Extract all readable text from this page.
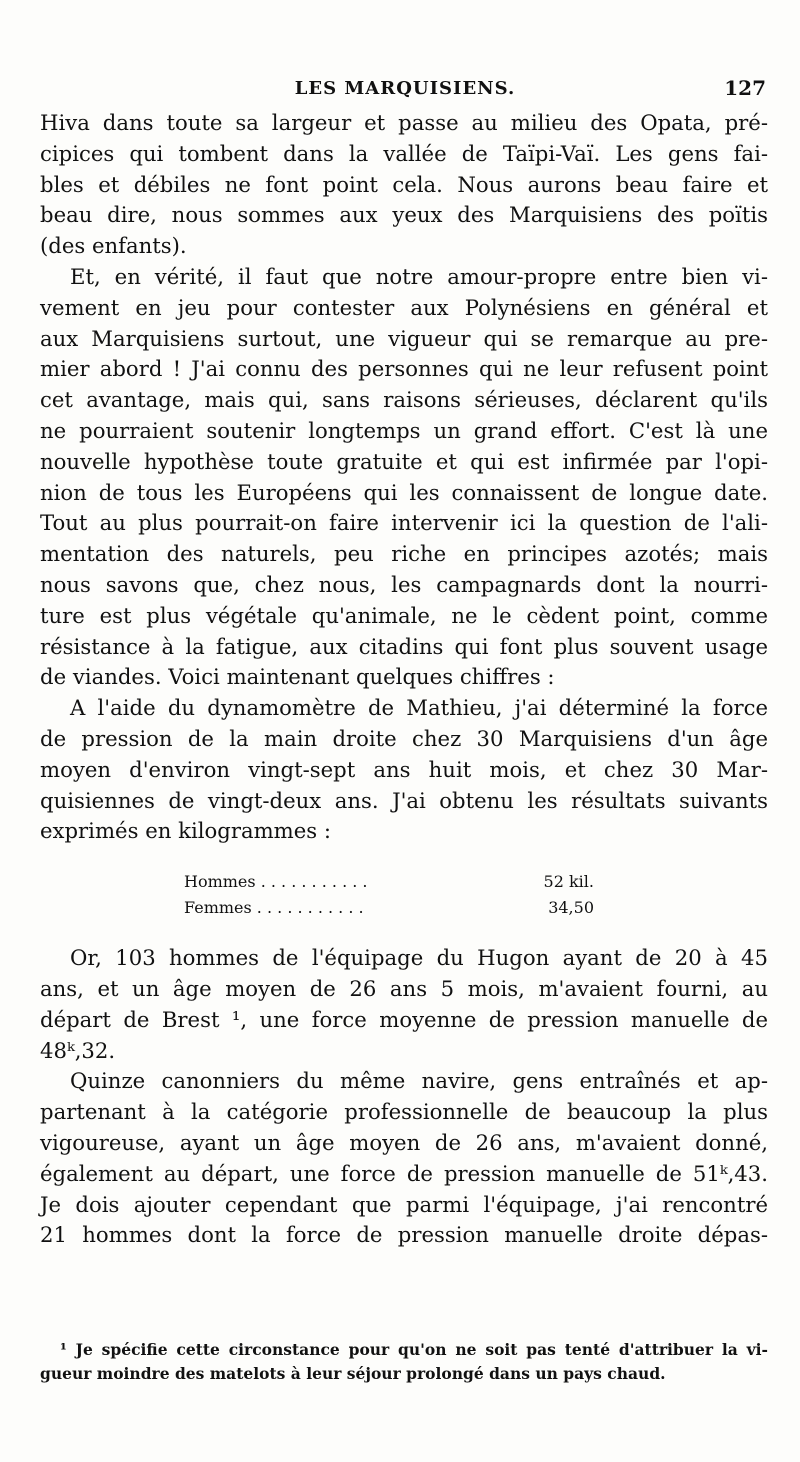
LES MARQUISIENS.	127

Hiva dans toute sa largeur et passe au milieu des Opata, pré-
cipices qui tombent dans la vallée de Taïpi-Vaï. Les gens fai-
bles et débiles ne font point cela. Nous aurons beau faire et
beau dire, nous sommes aux yeux des Marquisiens des poïtis
(des enfants).

Et, en vérité, il faut que notre amour-propre entre bien vi-
vement en jeu pour contester aux Polynésiens en général et
aux Marquisiens surtout, une vigueur qui se remarque au pre-
mier abord ! J'ai connu des personnes qui ne leur refusent point
cet avantage, mais qui, sans raisons sérieuses, déclarent qu'ils
ne pourraient soutenir longtemps un grand effort. C'est là une
nouvelle hypothèse toute gratuite et qui est infirmée par l'opi-
nion de tous les Européens qui les connaissent de longue date.
Tout au plus pourrait-on faire intervenir ici la question de l'ali-
mentation des naturels, peu riche en principes azotés; mais
nous savons que, chez nous, les campagnards dont la nourri-
ture est plus végétale qu'animale, ne le cèdent point, comme
résistance à la fatigue, aux citadins qui font plus souvent usage
de viandes. Voici maintenant quelques chiffres :

A l'aide du dynamomètre de Mathieu, j'ai déterminé la force
de pression de la main droite chez 30 Marquisiens d'un âge
moyen d'environ vingt-sept ans huit mois, et chez 30 Mar-
quisiennes de vingt-deux ans. J'ai obtenu les résultats suivants
exprimés en kilogrammes :

Hommes . . . . . . . . . . .	52 kil.
Femmes . . . . . . . . . . .	34,50

Or, 103 hommes de l'équipage du Hugon ayant de 20 à 45
ans, et un âge moyen de 26 ans 5 mois, m'avaient fourni, au
départ de Brest ¹, une force moyenne de pression manuelle de
48ᵏ,32.

Quinze canonniers du même navire, gens entraînés et ap-
partenant à la catégorie professionnelle de beaucoup la plus
vigoureuse, ayant un âge moyen de 26 ans, m'avaient donné,
également au départ, une force de pression manuelle de 51ᵏ,43.
Je dois ajouter cependant que parmi l'équipage, j'ai rencontré
21 hommes dont la force de pression manuelle droite dépas-

¹ Je spécifie cette circonstance pour qu'on ne soit pas tenté d'attribuer la vi-
gueur moindre des matelots à leur séjour prolongé dans un pays chaud.
